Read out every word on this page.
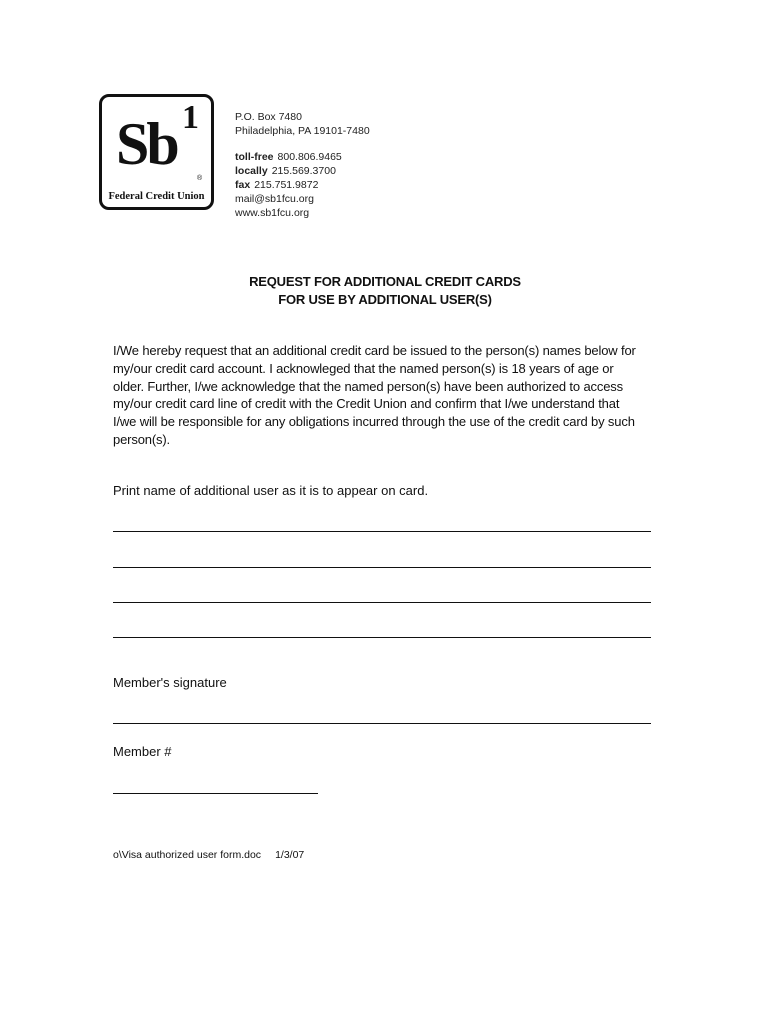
Sb 1
®
Federal Credit Union
P.O. Box 7480
Philadelphia, PA 19101-7480
toll-free 800.806.9465
locally 215.569.3700
fax 215.751.9872
mail@sb1fcu.org
www.sb1fcu.org
REQUEST FOR ADDITIONAL CREDIT CARDS
FOR USE BY ADDITIONAL USER(S)
I/We hereby request that an additional credit card be issued to the person(s) names below for
my/our credit card account. I acknowleged that the named person(s) is 18 years of age or
older. Further, I/we acknowledge that the named person(s) have been authorized to access
my/our credit card line of credit with the Credit Union and confirm that I/we understand that
I/we will be responsible for any obligations incurred through the use of the credit card by such
person(s).
Print name of additional user as it is to appear on card.
Member's signature
Member #
o\Visa authorized user form.doc 1/3/07
